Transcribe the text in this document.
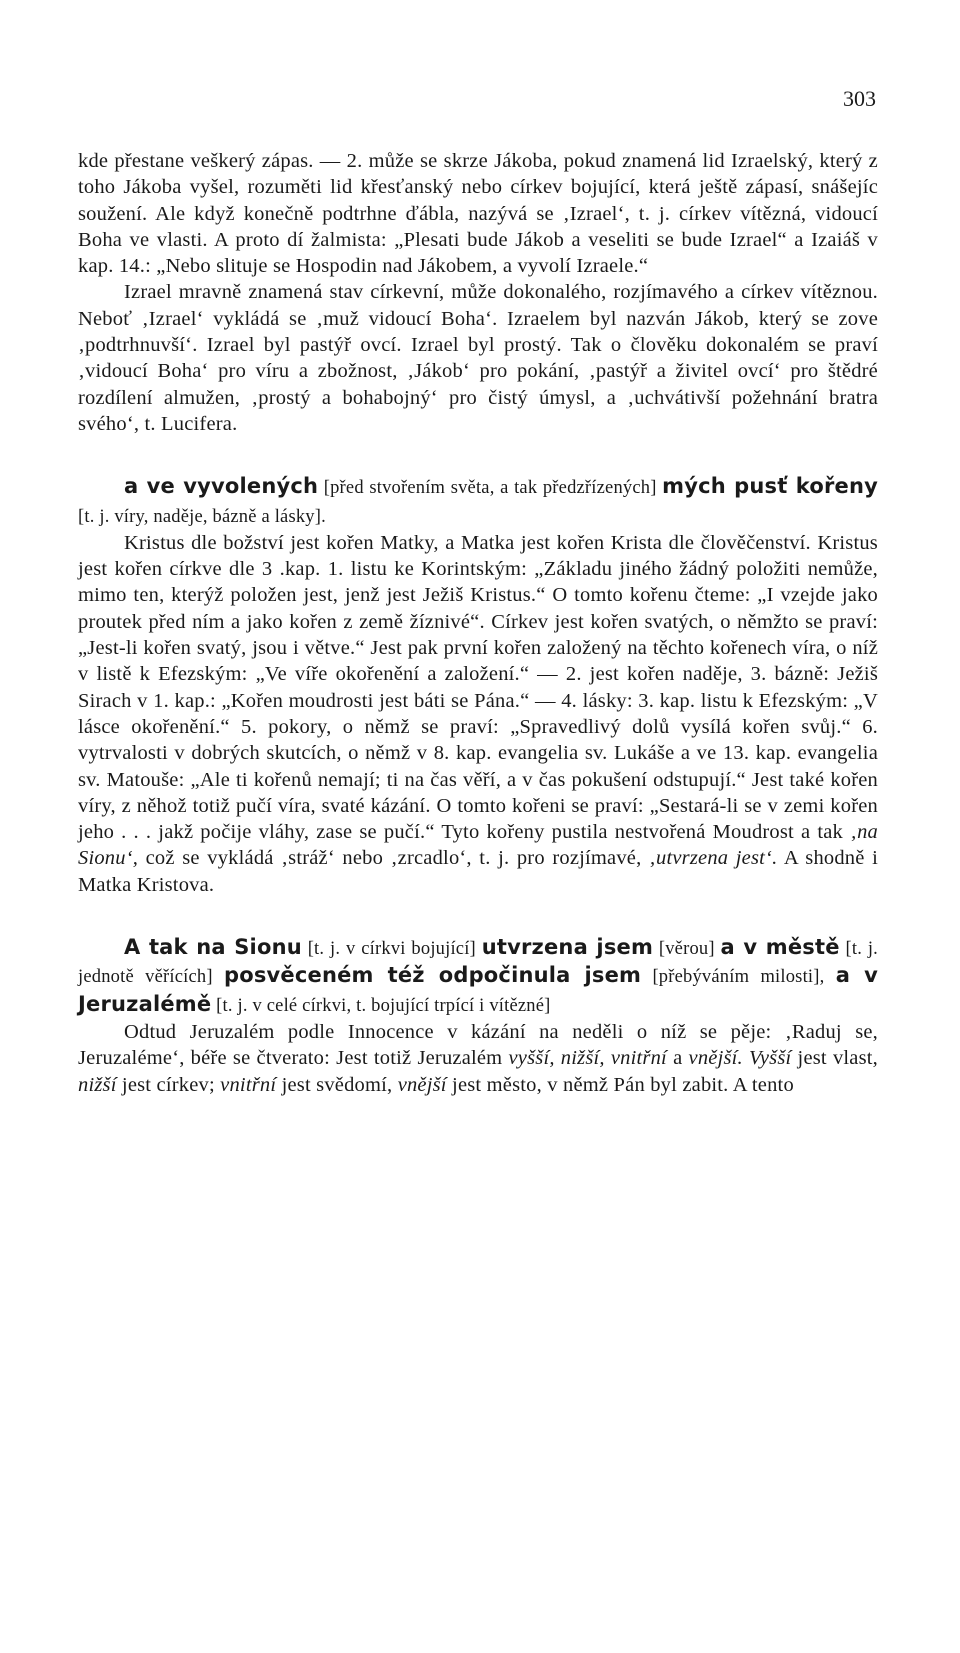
303

kde přestane veškerý zápas. — 2. může se skrze Jákoba, pokud znamená lid Izraelský, který z toho Jákoba vyšel, rozuměti lid křesťanský nebo církev bojující, která ještě zápasí, snášejíc soužení. Ale když konečně podtrhne ďábla, nazývá se ‚Izrael‘, t. j. církev vítězná, vidoucí Boha ve vlasti. A proto dí žalmista: „Plesati bude Jákob a veseliti se bude Izrael“ a Izaiáš v kap. 14.: „Nebo slituje se Hospodin nad Jákobem, a vyvolí Izraele.“

Izrael mravně znamená stav církevní, může dokonalého, rozjímavého a církev vítěznou. Neboť ‚Izrael‘ vykládá se ‚muž vidoucí Boha‘. Izraelem byl nazván Jákob, který se zove ‚podtrhnuvší‘. Izrael byl pastýř ovcí. Izrael byl prostý. Tak o člověku dokonalém se praví ‚vidoucí Boha‘ pro víru a zbožnost, ‚Jákob‘ pro pokání, ‚pastýř a živitel ovcí‘ pro štědré rozdílení almužen, ‚prostý a bohabojný‘ pro čistý úmysl, a ‚uchvátivší požehnání bratra svého‘, t. Lucifera.

a ve vyvolených [před stvořením světa, a tak předzřízených] mých pusť kořeny [t. j. víry, naděje, bázně a lásky].

Kristus dle božství jest kořen Matky, a Matka jest kořen Krista dle člověčenství. Kristus jest kořen církve dle 3 .kap. 1. listu ke Korintským: „Základu jiného žádný položiti nemůže, mimo ten, kterýž položen jest, jenž jest Ježiš Kristus.“ O tomto kořenu čteme: „I vzejde jako proutek před ním a jako kořen z země žíznivé“. Církev jest kořen svatých, o němžto se praví: „Jest-li kořen svatý, jsou i větve.“ Jest pak první kořen založený na těchto kořenech víra, o níž v listě k Efezským: „Ve víře okořenění a založení.“ — 2. jest kořen naděje, 3. bázně: Ježiš Sirach v 1. kap.: „Kořen moudrosti jest báti se Pána.“ — 4. lásky: 3. kap. listu k Efezským: „V lásce okořenění.“ 5. pokory, o němž se praví: „Spravedlivý dolů vysílá kořen svůj.“ 6. vytrvalosti v dobrých skutcích, o němž v 8. kap. evangelia sv. Lukáše a ve 13. kap. evangelia sv. Matouše: „Ale ti kořenů nemají; ti na čas věří, a v čas pokušení odstupují.“ Jest také kořen víry, z něhož totiž pučí víra, svaté kázání. O tomto kořeni se praví: „Sestará-li se v zemi kořen jeho . . . jakž počije vláhy, zase se pučí.“ Tyto kořeny pustila nestvořená Moudrost a tak ‚na Sionu‘, což se vykládá ‚stráž‘ nebo ‚zrcadlo‘, t. j. pro rozjímavé, ‚utvrzena jest‘. A shodně i Matka Kristova.

A tak na Sionu [t. j. v církvi bojující] utvrzena jsem [věrou] a v městě [t. j. jednotě věřících] posvěceném též odpočinula jsem [přebýváním milosti], a v Jeruzalémě [t. j. v celé církvi, t. bojující trpící i vítězné]

Odtud Jeruzalém podle Innocence v kázání na neděli o níž se pěje: ‚Raduj se, Jeruzaléme‘, béře se čtverato: Jest totiž Jeruzalém vyšší, nižší, vnitřní a vnější. Vyšší jest vlast, nižší jest církev; vnitřní jest svědomí, vnější jest město, v němž Pán byl zabit. A tento
